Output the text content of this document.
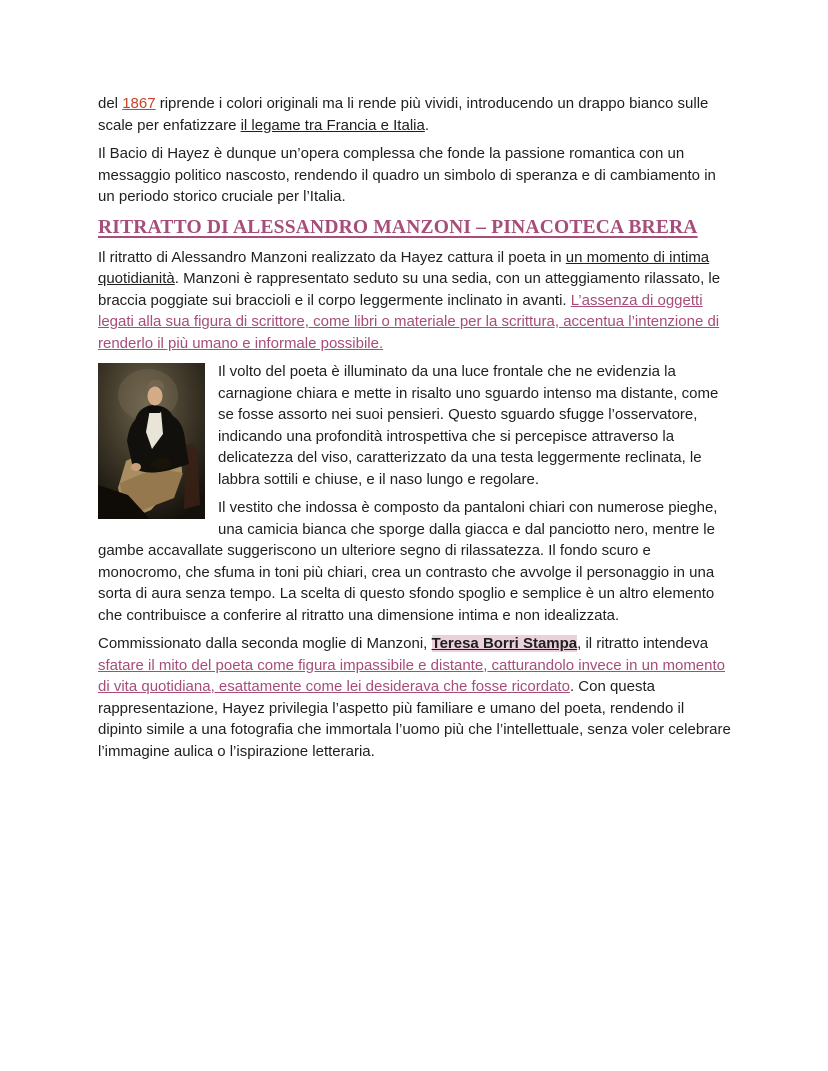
del 1867 riprende i colori originali ma li rende più vividi, introducendo un drappo bianco sulle scale per enfatizzare il legame tra Francia e Italia.

Il Bacio di Hayez è dunque un’opera complessa che fonde la passione romantica con un messaggio politico nascosto, rendendo il quadro un simbolo di speranza e di cambiamento in un periodo storico cruciale per l’Italia.

RITRATTO DI ALESSANDRO MANZONI – PINACOTECA BRERA

Il ritratto di Alessandro Manzoni realizzato da Hayez cattura il poeta in un momento di intima quotidianità. Manzoni è rappresentato seduto su una sedia, con un atteggiamento rilassato, le braccia poggiate sui braccioli e il corpo leggermente inclinato in avanti. L’assenza di oggetti legati alla sua figura di scrittore, come libri o materiale per la scrittura, accentua l’intenzione di renderlo il più umano e informale possibile.

Il volto del poeta è illuminato da una luce frontale che ne evidenzia la carnagione chiara e mette in risalto uno sguardo intenso ma distante, come se fosse assorto nei suoi pensieri. Questo sguardo sfugge l’osservatore, indicando una profondità introspettiva che si percepisce attraverso la delicatezza del viso, caratterizzato da una testa leggermente reclinata, le labbra sottili e chiuse, e il naso lungo e regolare.

Il vestito che indossa è composto da pantaloni chiari con numerose pieghe, una camicia bianca che sporge dalla giacca e dal panciotto nero, mentre le gambe accavallate suggeriscono un ulteriore segno di rilassatezza. Il fondo scuro e monocromo, che sfuma in toni più chiari, crea un contrasto che avvolge il personaggio in una sorta di aura senza tempo. La scelta di questo sfondo spoglio e semplice è un altro elemento che contribuisce a conferire al ritratto una dimensione intima e non idealizzata.

Commissionato dalla seconda moglie di Manzoni, Teresa Borri Stampa, il ritratto intendeva sfatare il mito del poeta come figura impassibile e distante, catturandolo invece in un momento di vita quotidiana, esattamente come lei desiderava che fosse ricordato. Con questa rappresentazione, Hayez privilegia l’aspetto più familiare e umano del poeta, rendendo il dipinto simile a una fotografia che immortala l’uomo più che l’intellettuale, senza voler celebrare l’immagine aulica o l’ispirazione letteraria.
